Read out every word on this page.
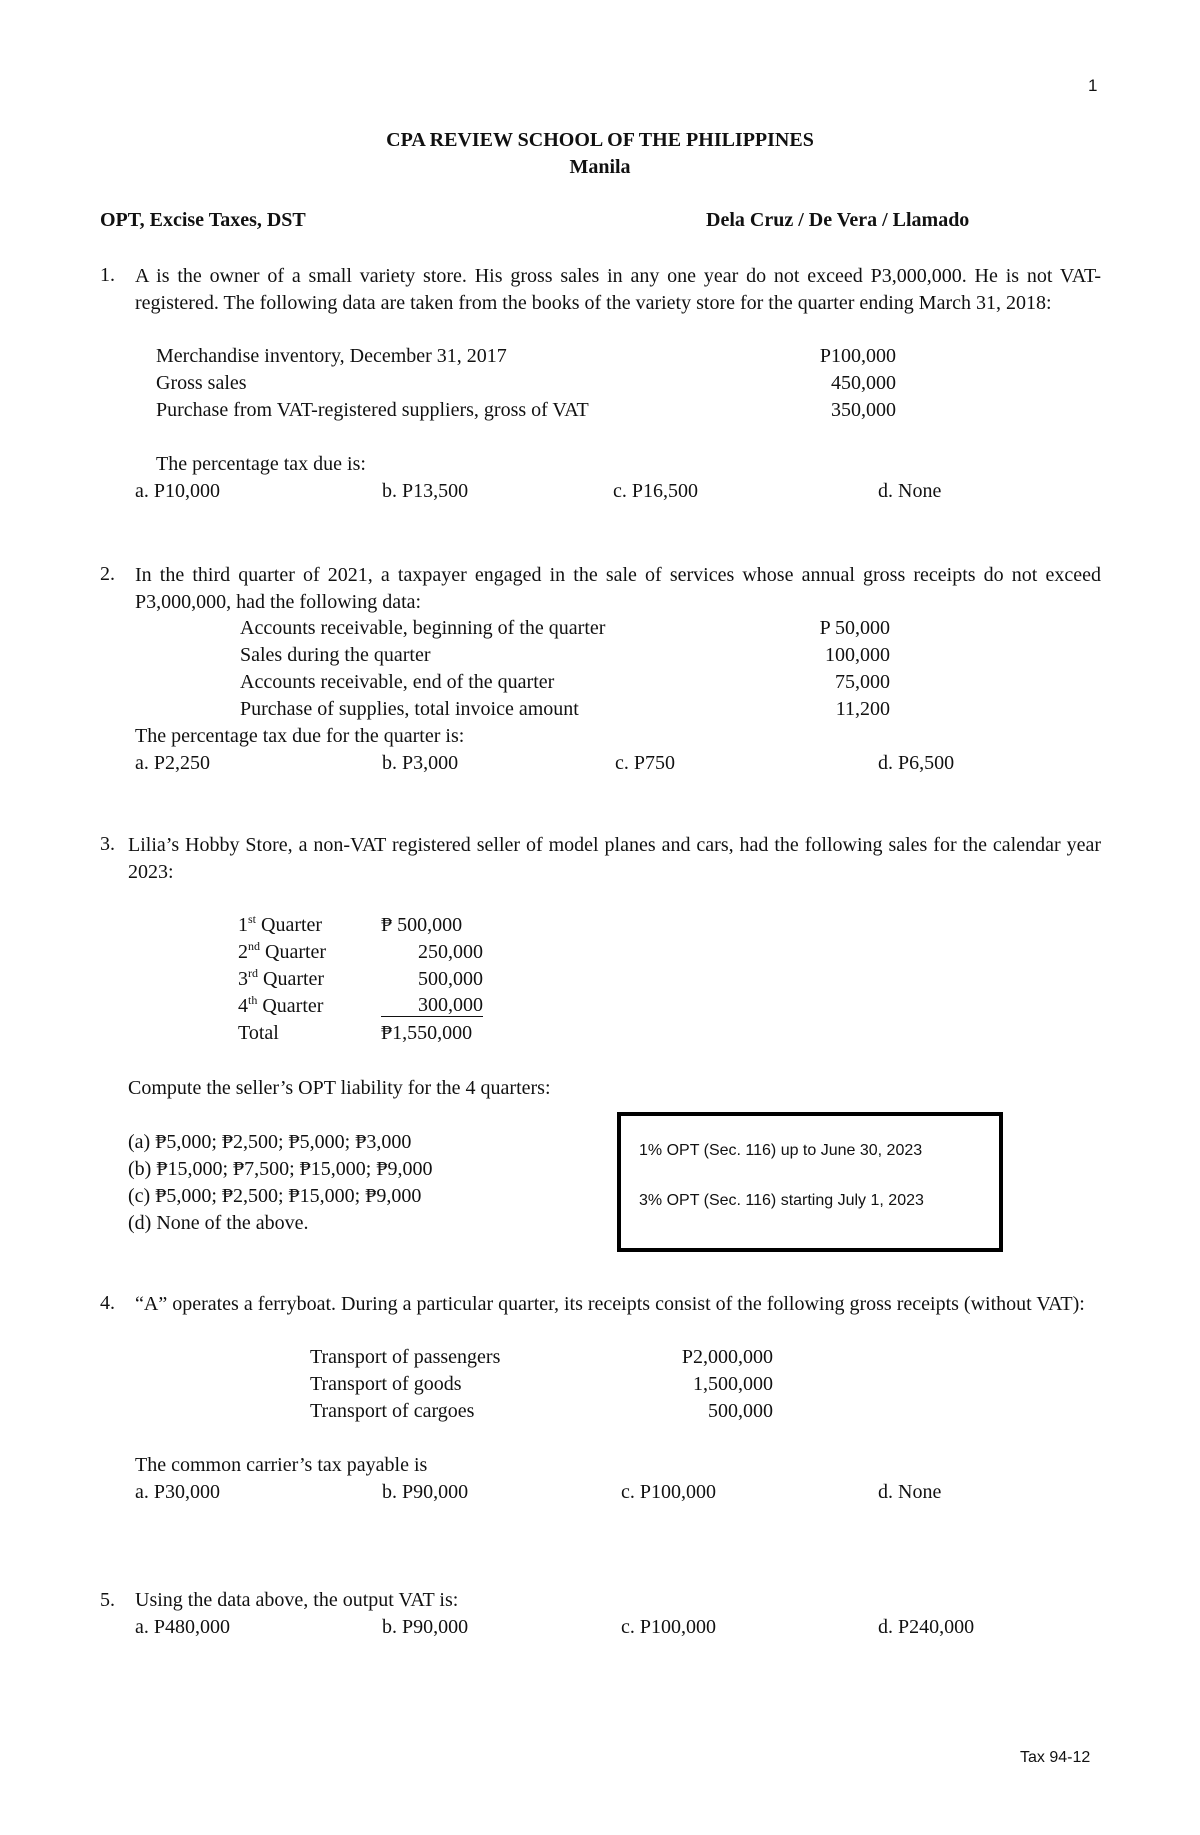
1
CPA REVIEW SCHOOL OF THE PHILIPPINES
Manila
OPT, Excise Taxes, DST	Dela Cruz / De Vera / Llamado
1. A is the owner of a small variety store. His gross sales in any one year do not exceed P3,000,000. He is not VAT-registered. The following data are taken from the books of the variety store for the quarter ending March 31, 2018:
Merchandise inventory, December 31, 2017	P100,000
Gross sales	450,000
Purchase from VAT-registered suppliers, gross of VAT	350,000
The percentage tax due is:
a. P10,000	b. P13,500	c. P16,500	d. None
2. In the third quarter of 2021, a taxpayer engaged in the sale of services whose annual gross receipts do not exceed P3,000,000, had the following data:
Accounts receivable, beginning of the quarter	P 50,000
Sales during the quarter	100,000
Accounts receivable, end of the quarter	75,000
Purchase of supplies, total invoice amount	11,200
The percentage tax due for the quarter is:
a. P2,250	b. P3,000	c. P750	d. P6,500
3. Lilia’s Hobby Store, a non-VAT registered seller of model planes and cars, had the following sales for the calendar year 2023:
1st Quarter	₱ 500,000
2nd Quarter	250,000
3rd Quarter	500,000
4th Quarter	300,000
Total	₱1,550,000
Compute the seller’s OPT liability for the 4 quarters:
(a) ₱5,000; ₱2,500; ₱5,000; ₱3,000
(b) ₱15,000; ₱7,500; ₱15,000; ₱9,000
(c) ₱5,000; ₱2,500; ₱15,000; ₱9,000
(d) None of the above.
1% OPT (Sec. 116) up to June 30, 2023
3% OPT (Sec. 116) starting July 1, 2023
4. “A” operates a ferryboat. During a particular quarter, its receipts consist of the following gross receipts (without VAT):
Transport of passengers	P2,000,000
Transport of goods	1,500,000
Transport of cargoes	500,000
The common carrier’s tax payable is
a. P30,000	b. P90,000	c. P100,000	d. None
5. Using the data above, the output VAT is:
a. P480,000	b. P90,000	c. P100,000	d. P240,000
Tax 94-12
